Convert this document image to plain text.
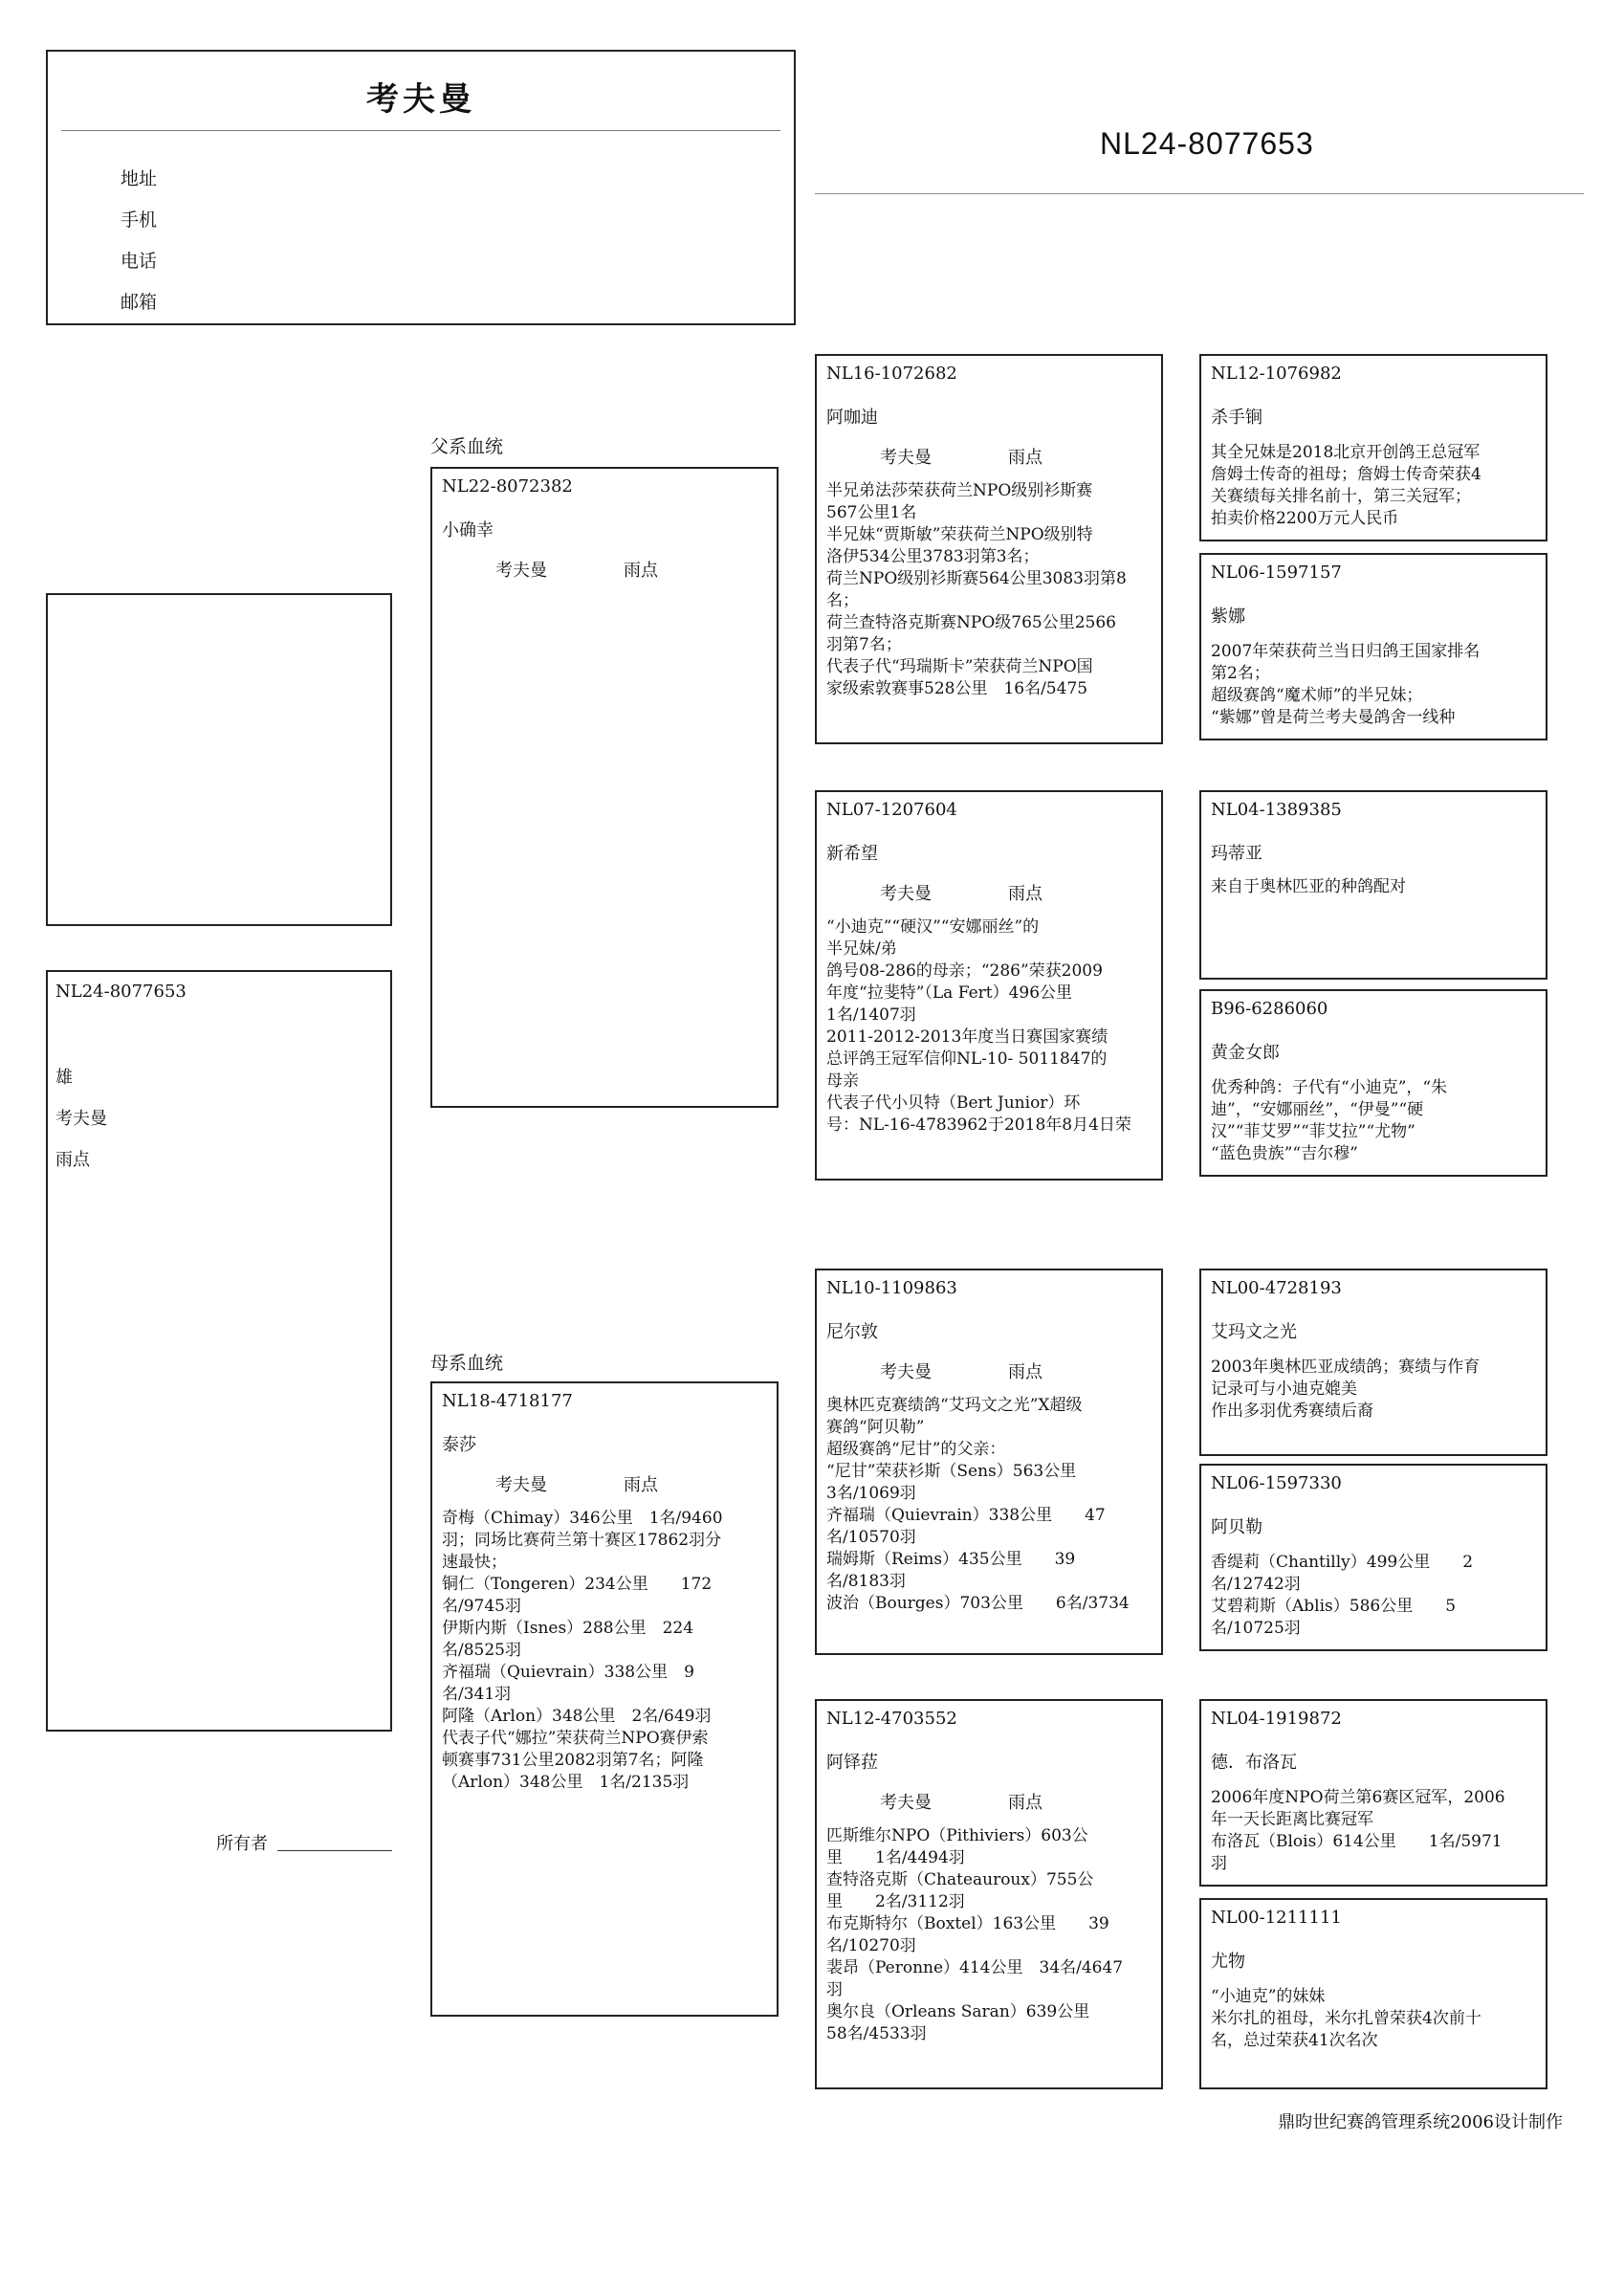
考夫曼
地址
手机
电话
邮箱
NL24-8077653
NL24-8077653
雄
考夫曼
雨点
所有者
父系血统
母系血统
NL22-8072382
小确幸
考夫曼	雨点
NL18-4718177
泰莎
考夫曼	雨点
奇梅（Chimay）346公里　1名/9460
羽；同场比赛荷兰第十赛区17862羽分
速最快；
铜仁（Tongeren）234公里　　172
名/9745羽
伊斯内斯（Isnes）288公里　224
名/8525羽
齐福瑞（Quievrain）338公里　9
名/341羽
阿隆（Arlon）348公里　2名/649羽
代表子代“娜拉”荣获荷兰NPO赛伊索
顿赛事731公里2082羽第7名；阿隆
（Arlon）348公里　1名/2135羽
NL16-1072682
阿咖迪
考夫曼	雨点
半兄弟法莎荣获荷兰NPO级别衫斯赛
567公里1名
半兄妹“贾斯敏”荣获荷兰NPO级别特
洛伊534公里3783羽第3名；
荷兰NPO级别衫斯赛564公里3083羽第8
名；
荷兰查特洛克斯赛NPO级765公里2566
羽第7名；
代表子代“玛瑞斯卡”荣获荷兰NPO国
家级索敦赛事528公里　16名/5475
NL07-1207604
新希望
考夫曼	雨点
“小迪克”“硬汉”“安娜丽丝”的
半兄妹/弟
鸽号08-286的母亲；“286”荣获2009
年度“拉斐特”（La Fert）496公里
1名/1407羽
2011-2012-2013年度当日赛国家赛绩
总评鸽王冠军信仰NL-10- 5011847的
母亲
代表子代小贝特（Bert Junior）环
号：NL-16-4783962于2018年8月4日荣
NL10-1109863
尼尔敦
考夫曼	雨点
奥林匹克赛绩鸽“艾玛文之光”X超级
赛鸽“阿贝勒”
超级赛鸽“尼甘”的父亲：
“尼甘”荣获衫斯（Sens）563公里
3名/1069羽
齐福瑞（Quievrain）338公里　　47
名/10570羽
瑞姆斯（Reims）435公里　　39
名/8183羽
波治（Bourges）703公里　　6名/3734
NL12-4703552
阿铎菈
考夫曼	雨点
匹斯维尔NPO（Pithiviers）603公
里　　1名/4494羽
查特洛克斯（Chateauroux）755公
里　　2名/3112羽
布克斯特尔（Boxtel）163公里　　39
名/10270羽
裴昂（Peronne）414公里　34名/4647
羽
奥尔良（Orleans Saran）639公里
58名/4533羽
NL12-1076982
杀手锏
其全兄妹是2018北京开创鸽王总冠军
詹姆士传奇的祖母；詹姆士传奇荣获4
关赛绩每关排名前十，第三关冠军；
拍卖价格2200万元人民币
NL06-1597157
紫娜
2007年荣获荷兰当日归鸽王国家排名
第2名；
超级赛鸽“魔术师”的半兄妹；
“紫娜”曾是荷兰考夫曼鸽舍一线种
NL04-1389385
玛蒂亚
来自于奥林匹亚的种鸽配对
B96-6286060
黄金女郎
优秀种鸽：子代有“小迪克”，“朱
迪”，“安娜丽丝”，“伊曼”“硬
汉”“菲艾罗”“菲艾拉”“尤物”
“蓝色贵族”“吉尔穆”
NL00-4728193
艾玛文之光
2003年奥林匹亚成绩鸽；赛绩与作育
记录可与小迪克媲美
作出多羽优秀赛绩后裔
NL06-1597330
阿贝勒
香缇莉（Chantilly）499公里　　2
名/12742羽
艾碧莉斯（Ablis）586公里　　5
名/10725羽
NL04-1919872
德．布洛瓦
2006年度NPO荷兰第6赛区冠军，2006
年一天长距离比赛冠军
布洛瓦（Blois）614公里　　1名/5971
羽
NL00-1211111
尤物
“小迪克”的妹妹
米尔扎的祖母，米尔扎曾荣获4次前十
名，总过荣获41次名次
鼎昀世纪赛鸽管理系统2006设计制作
